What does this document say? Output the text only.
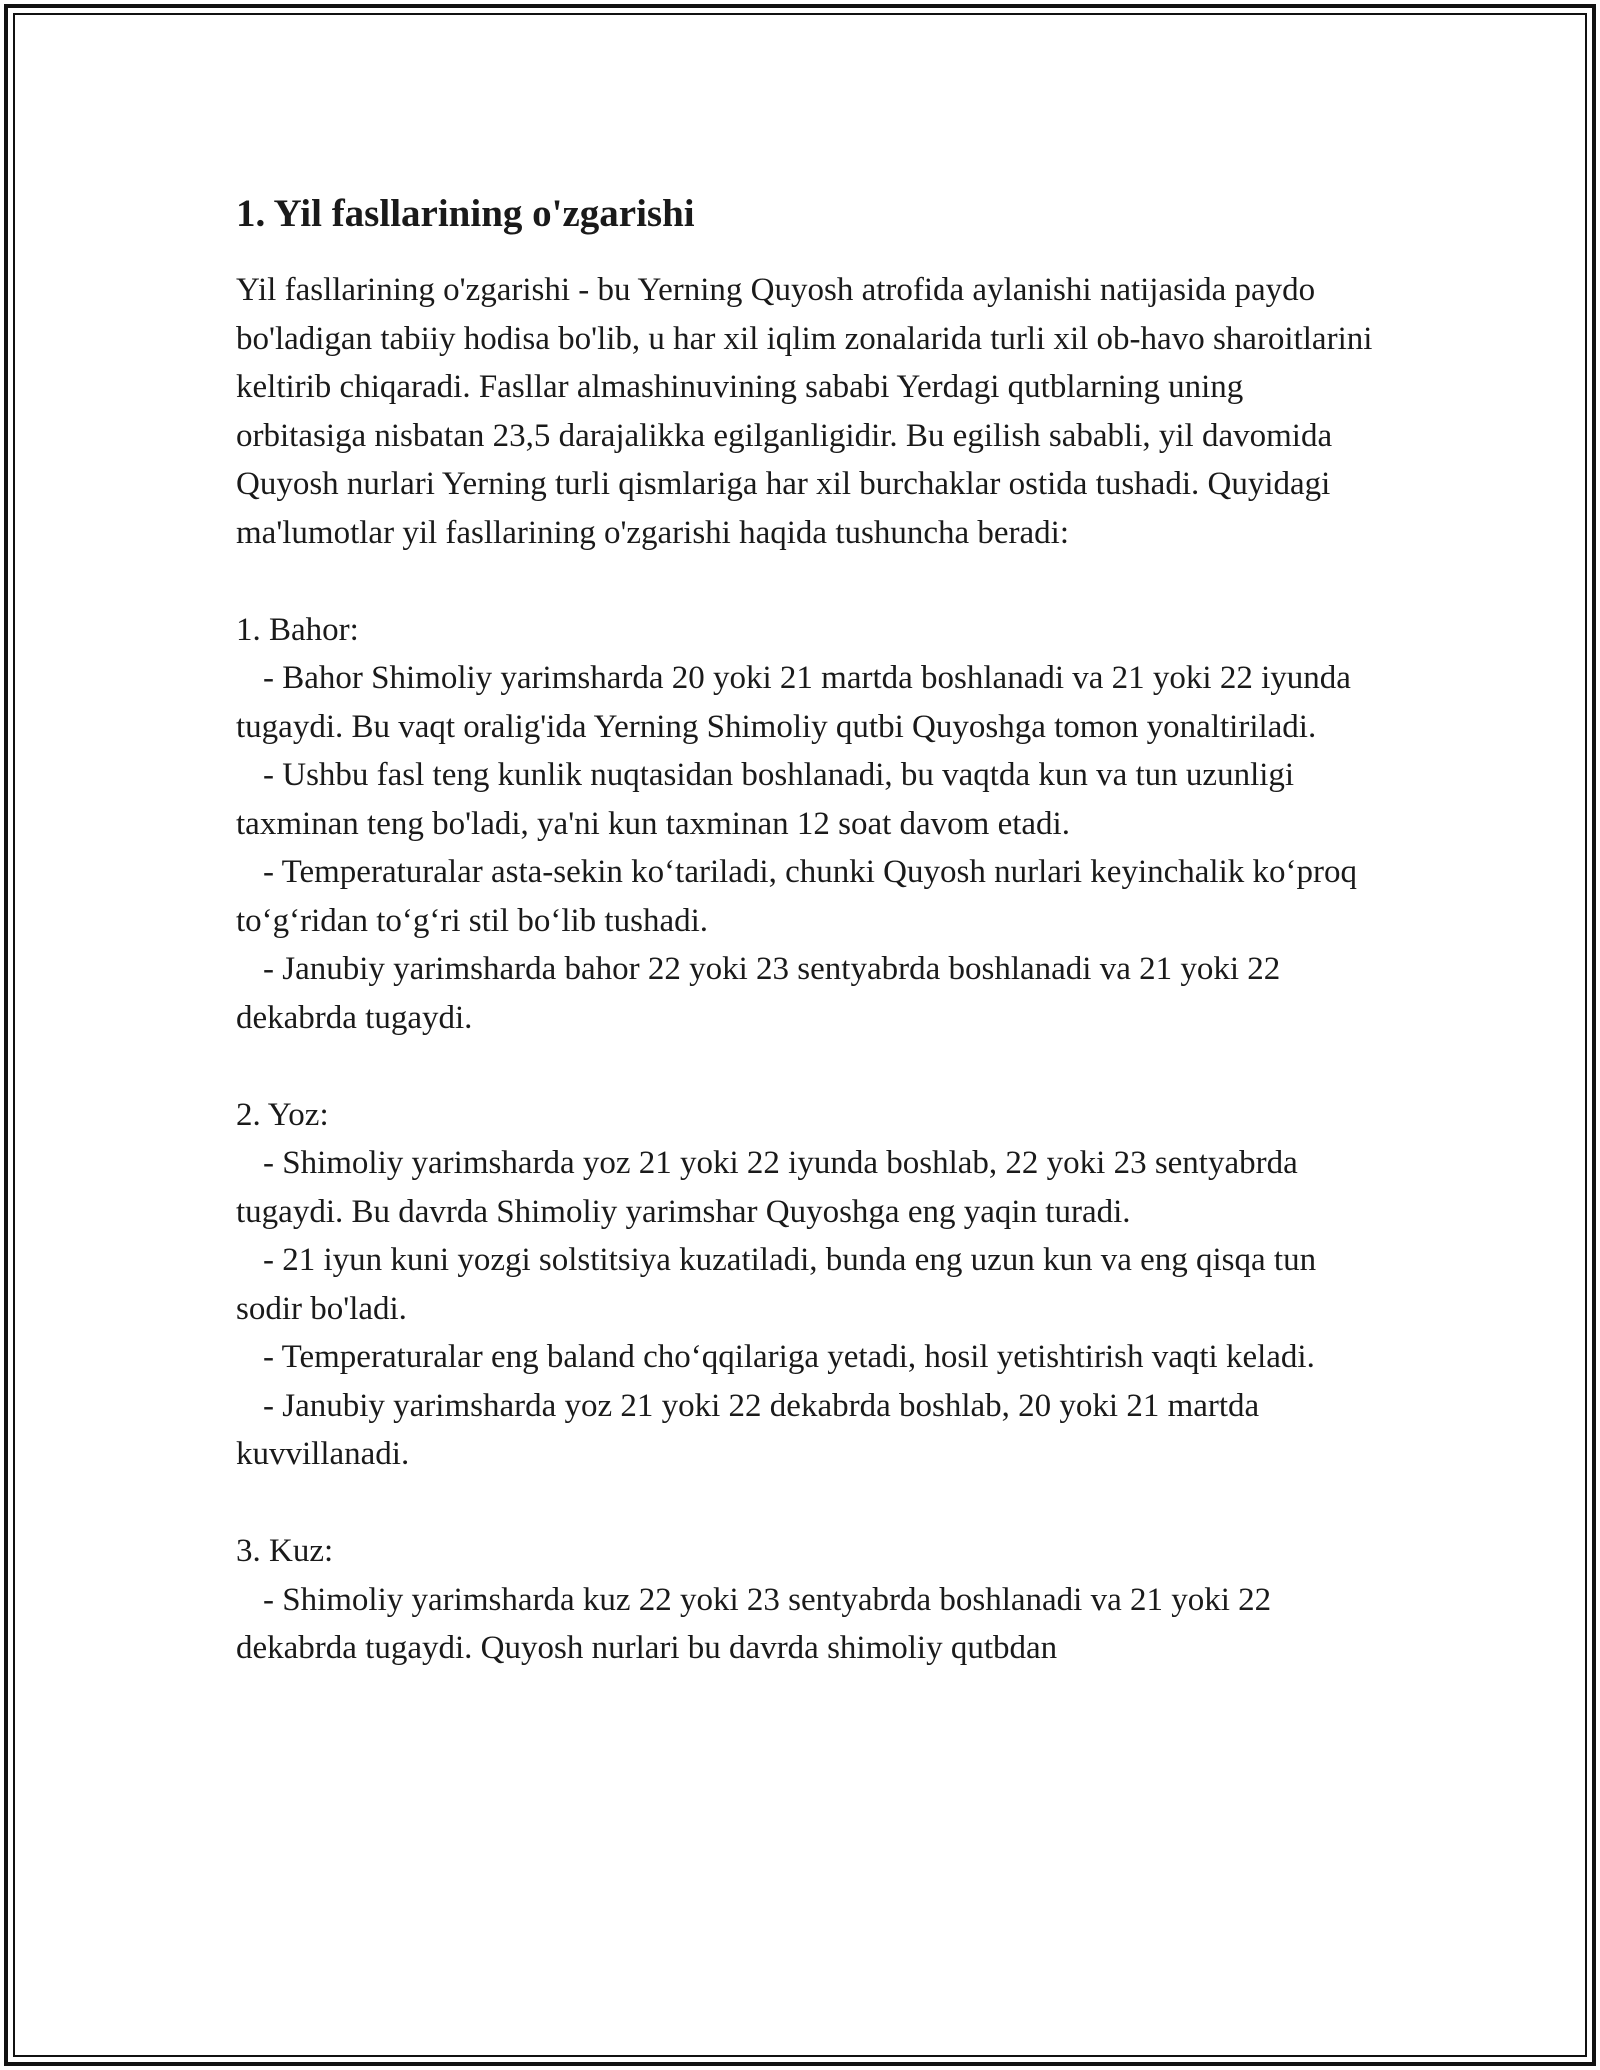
1. Yil fasllarining o'zgarishi

Yil fasllarining o'zgarishi - bu Yerning Quyosh atrofida aylanishi natijasida paydo bo'ladigan tabiiy hodisa bo'lib, u har xil iqlim zonalarida turli xil ob-havo sharoitlarini keltirib chiqaradi. Fasllar almashinuvining sababi Yerdagi qutblarning uning orbitasiga nisbatan 23,5 darajalikka egilganligidir. Bu egilish sababli, yil davomida Quyosh nurlari Yerning turli qismlariga har xil burchaklar ostida tushadi. Quyidagi ma'lumotlar yil fasllarining o'zgarishi haqida tushuncha beradi:

1. Bahor:

- Bahor Shimoliy yarimsharda 20 yoki 21 martda boshlanadi va 21 yoki 22 iyunda tugaydi. Bu vaqt oralig'ida Yerning Shimoliy qutbi Quyoshga tomon yonaltiriladi.

- Ushbu fasl teng kunlik nuqtasidan boshlanadi, bu vaqtda kun va tun uzunligi taxminan teng bo'ladi, ya'ni kun taxminan 12 soat davom etadi.

- Temperaturalar asta-sekin ko‘tariladi, chunki Quyosh nurlari keyinchalik ko‘proq to‘g‘ridan to‘g‘ri stil bo‘lib tushadi.

- Janubiy yarimsharda bahor 22 yoki 23 sentyabrda boshlanadi va 21 yoki 22 dekabrda tugaydi.

2. Yoz:

- Shimoliy yarimsharda yoz 21 yoki 22 iyunda boshlab, 22 yoki 23 sentyabrda tugaydi. Bu davrda Shimoliy yarimshar Quyoshga eng yaqin turadi.

- 21 iyun kuni yozgi solstitsiya kuzatiladi, bunda eng uzun kun va eng qisqa tun sodir bo'ladi.

- Temperaturalar eng baland cho‘qqilariga yetadi, hosil yetishtirish vaqti keladi.

- Janubiy yarimsharda yoz 21 yoki 22 dekabrda boshlab, 20 yoki 21 martda kuvvillanadi.

3. Kuz:

- Shimoliy yarimsharda kuz 22 yoki 23 sentyabrda boshlanadi va 21 yoki 22 dekabrda tugaydi. Quyosh nurlari bu davrda shimoliy qutbdan
